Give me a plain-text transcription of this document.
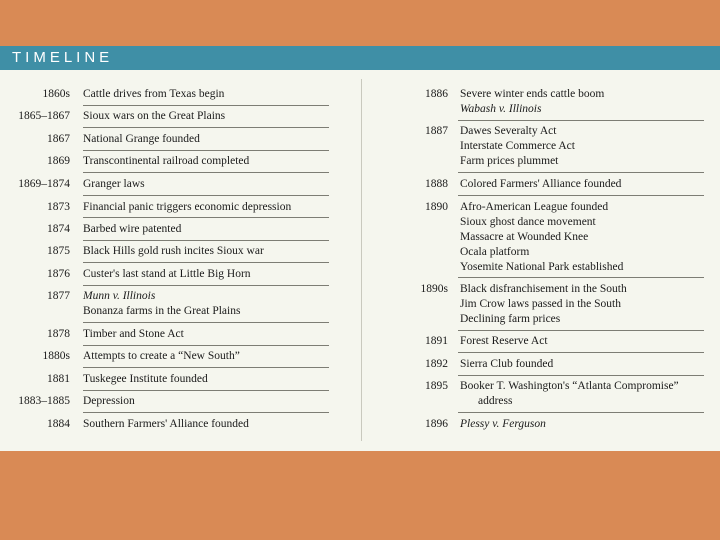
TIMELINE
1860s Cattle drives from Texas begin
1865–1867 Sioux wars on the Great Plains
1867 National Grange founded
1869 Transcontinental railroad completed
1869–1874 Granger laws
1873 Financial panic triggers economic depression
1874 Barbed wire patented
1875 Black Hills gold rush incites Sioux war
1876 Custer's last stand at Little Big Horn
1877 Munn v. Illinois
Bonanza farms in the Great Plains
1878 Timber and Stone Act
1880s Attempts to create a “New South”
1881 Tuskegee Institute founded
1883–1885 Depression
1884 Southern Farmers' Alliance founded
1886 Severe winter ends cattle boom
Wabash v. Illinois
1887 Dawes Severalty Act
Interstate Commerce Act
Farm prices plummet
1888 Colored Farmers' Alliance founded
1890 Afro-American League founded
Sioux ghost dance movement
Massacre at Wounded Knee
Ocala platform
Yosemite National Park established
1890s Black disfranchisement in the South
Jim Crow laws passed in the South
Declining farm prices
1891 Forest Reserve Act
1892 Sierra Club founded
1895 Booker T. Washington's “Atlanta Compromise”
address
1896 Plessy v. Ferguson
